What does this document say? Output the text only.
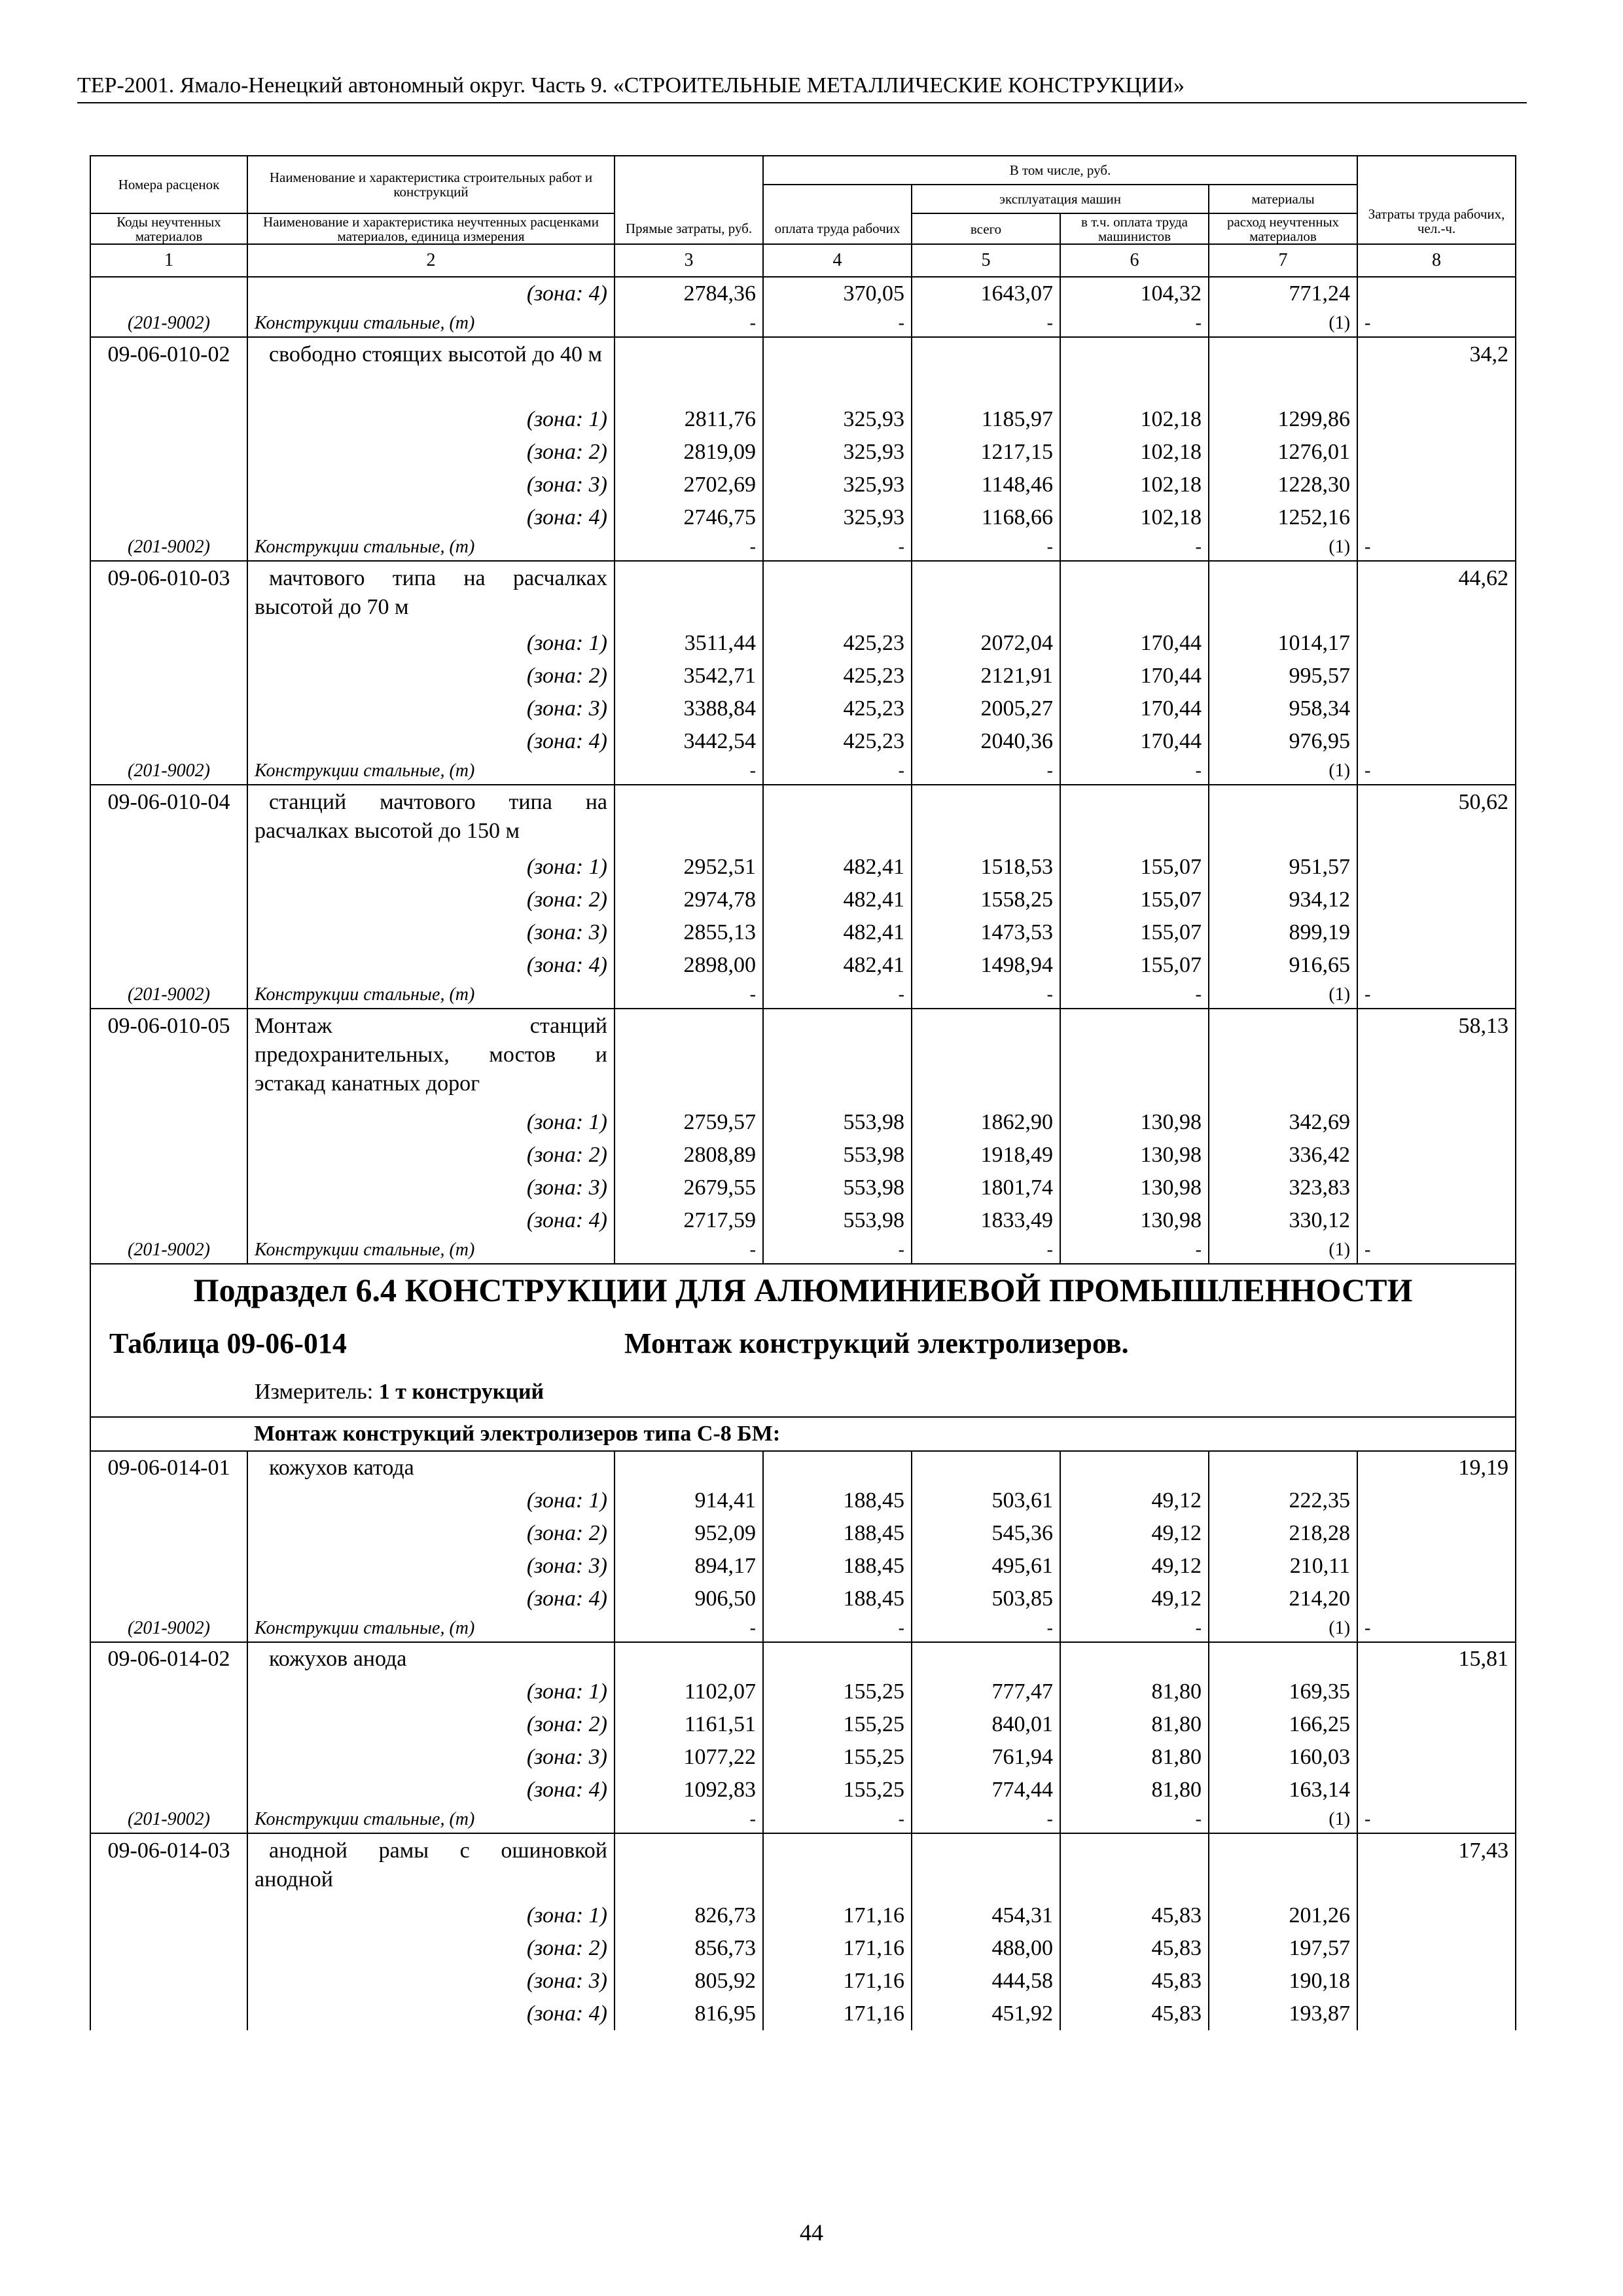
ТЕР-2001. Ямало-Ненецкий автономный округ. Часть 9. «СТРОИТЕЛЬНЫЕ МЕТАЛЛИЧЕСКИЕ КОНСТРУКЦИИ»
Номера расценок	Наименование и характеристика строительных работ и конструкций	Прямые затраты, руб.	В том числе, руб.				Затраты труда рабочих, чел.-ч.
			оплата труда рабочих	эксплуатация машин		материалы	
Коды неучтенных материалов	Наименование и характеристика неучтенных расценками материалов, единица измерения			всего	в т.ч. оплата труда машинистов	расход неучтенных материалов	

1	2	3	4	5	6	7	8
	(зона: 4)	2784,36	370,05	1643,07	104,32	771,24	
(201-9002)	Конструкции стальные, (т)	-	-	-	-	(1)	-
09-06-010-02	свободно стоящих высотой до 40 м						34,2
	(зона: 1)	2811,76	325,93	1185,97	102,18	1299,86	
	(зона: 2)	2819,09	325,93	1217,15	102,18	1276,01	
	(зона: 3)	2702,69	325,93	1148,46	102,18	1228,30	
	(зона: 4)	2746,75	325,93	1168,66	102,18	1252,16	
(201-9002)	Конструкции стальные, (т)	-	-	-	-	(1)	-
09-06-010-03	мачтового типа на расчалках высотой до 70 м						44,62
	(зона: 1)	3511,44	425,23	2072,04	170,44	1014,17	
	(зона: 2)	3542,71	425,23	2121,91	170,44	995,57	
	(зона: 3)	3388,84	425,23	2005,27	170,44	958,34	
	(зона: 4)	3442,54	425,23	2040,36	170,44	976,95	
(201-9002)	Конструкции стальные, (т)	-	-	-	-	(1)	-
09-06-010-04	станций мачтового типа на расчалках высотой до 150 м						50,62
	(зона: 1)	2952,51	482,41	1518,53	155,07	951,57	
	(зона: 2)	2974,78	482,41	1558,25	155,07	934,12	
	(зона: 3)	2855,13	482,41	1473,53	155,07	899,19	
	(зона: 4)	2898,00	482,41	1498,94	155,07	916,65	
(201-9002)	Конструкции стальные, (т)	-	-	-	-	(1)	-
09-06-010-05	Монтаж станций предохранительных, мостов и эстакад канатных дорог						58,13
	(зона: 1)	2759,57	553,98	1862,90	130,98	342,69	
	(зона: 2)	2808,89	553,98	1918,49	130,98	336,42	
	(зона: 3)	2679,55	553,98	1801,74	130,98	323,83	
	(зона: 4)	2717,59	553,98	1833,49	130,98	330,12	
(201-9002)	Конструкции стальные, (т)	-	-	-	-	(1)	-

Подраздел 6.4 КОНСТРУКЦИИ ДЛЯ АЛЮМИНИЕВОЙ ПРОМЫШЛЕННОСТИ
Таблица 09-06-014 Монтаж конструкций электролизеров.
Измеритель: 1 т конструкций							

	Монтаж конструкций электролизеров типа С-8 БМ:						
09-06-014-01	кожухов катода						19,19
	(зона: 1)	914,41	188,45	503,61	49,12	222,35	
	(зона: 2)	952,09	188,45	545,36	49,12	218,28	
	(зона: 3)	894,17	188,45	495,61	49,12	210,11	
	(зона: 4)	906,50	188,45	503,85	49,12	214,20	
(201-9002)	Конструкции стальные, (т)	-	-	-	-	(1)	-
09-06-014-02	кожухов анода						15,81
	(зона: 1)	1102,07	155,25	777,47	81,80	169,35	
	(зона: 2)	1161,51	155,25	840,01	81,80	166,25	
	(зона: 3)	1077,22	155,25	761,94	81,80	160,03	
	(зона: 4)	1092,83	155,25	774,44	81,80	163,14	
(201-9002)	Конструкции стальные, (т)	-	-	-	-	(1)	-
09-06-014-03	анодной рамы с ошиновкой анодной						17,43
	(зона: 1)	826,73	171,16	454,31	45,83	201,26	
	(зона: 2)	856,73	171,16	488,00	45,83	197,57	
	(зона: 3)	805,92	171,16	444,58	45,83	190,18	
	(зона: 4)	816,95	171,16	451,92	45,83	193,87	
44
